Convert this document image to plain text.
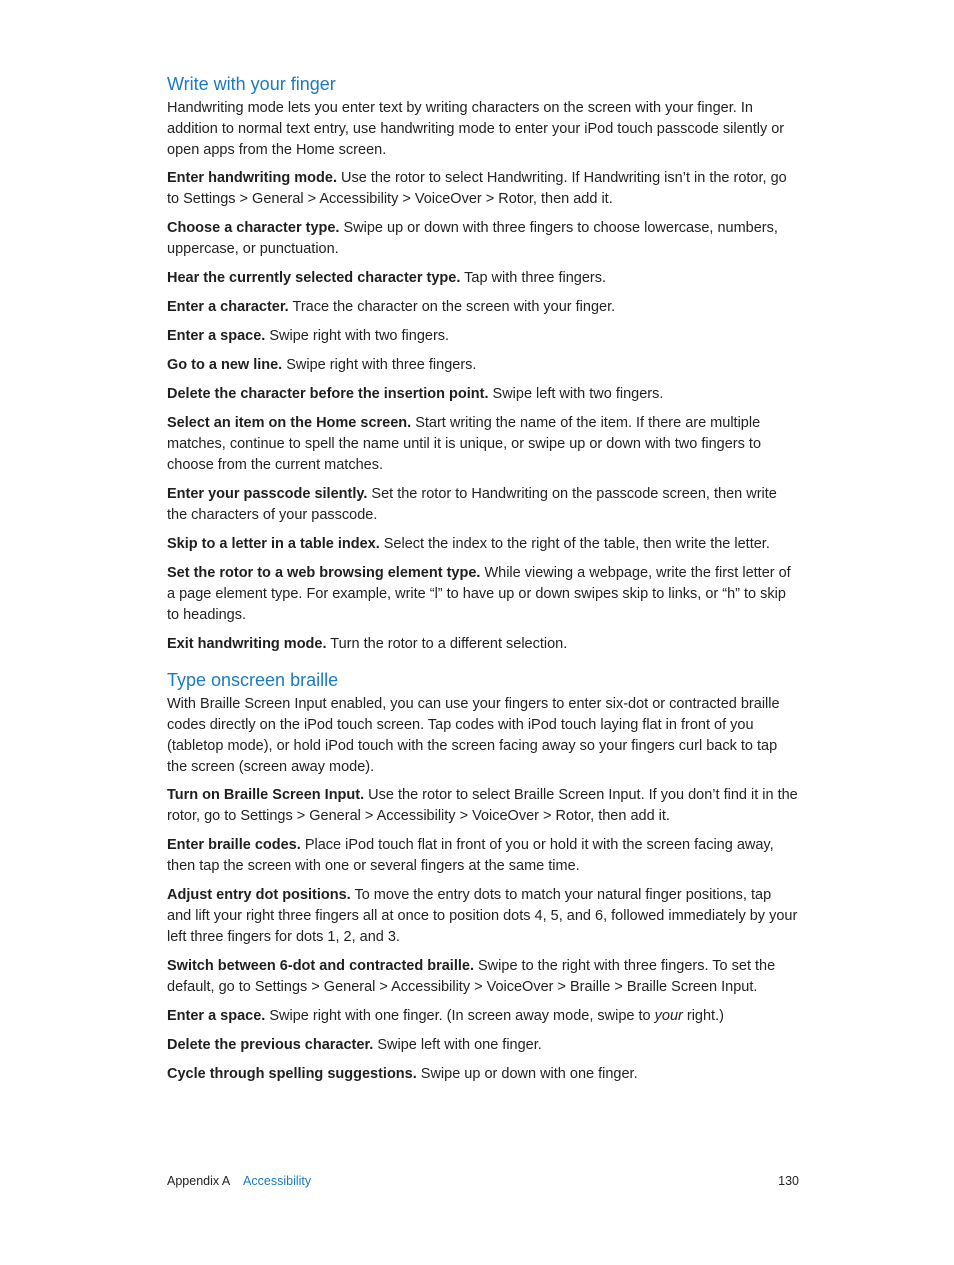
Write with your finger

Handwriting mode lets you enter text by writing characters on the screen with your finger. In addition to normal text entry, use handwriting mode to enter your iPod touch passcode silently or open apps from the Home screen.

Enter handwriting mode. Use the rotor to select Handwriting. If Handwriting isn’t in the rotor, go to Settings > General > Accessibility > VoiceOver > Rotor, then add it.

Choose a character type. Swipe up or down with three fingers to choose lowercase, numbers, uppercase, or punctuation.

Hear the currently selected character type. Tap with three fingers.

Enter a character. Trace the character on the screen with your finger.

Enter a space. Swipe right with two fingers.

Go to a new line. Swipe right with three fingers.

Delete the character before the insertion point. Swipe left with two fingers.

Select an item on the Home screen. Start writing the name of the item. If there are multiple matches, continue to spell the name until it is unique, or swipe up or down with two fingers to choose from the current matches.

Enter your passcode silently. Set the rotor to Handwriting on the passcode screen, then write the characters of your passcode.

Skip to a letter in a table index. Select the index to the right of the table, then write the letter.

Set the rotor to a web browsing element type. While viewing a webpage, write the first letter of a page element type. For example, write “l” to have up or down swipes skip to links, or “h” to skip to headings.

Exit handwriting mode. Turn the rotor to a different selection.

Type onscreen braille

With Braille Screen Input enabled, you can use your fingers to enter six-dot or contracted braille codes directly on the iPod touch screen. Tap codes with iPod touch laying flat in front of you (tabletop mode), or hold iPod touch with the screen facing away so your fingers curl back to tap the screen (screen away mode).

Turn on Braille Screen Input. Use the rotor to select Braille Screen Input. If you don’t find it in the rotor, go to Settings > General > Accessibility > VoiceOver > Rotor, then add it.

Enter braille codes. Place iPod touch flat in front of you or hold it with the screen facing away, then tap the screen with one or several fingers at the same time.

Adjust entry dot positions. To move the entry dots to match your natural finger positions, tap and lift your right three fingers all at once to position dots 4, 5, and 6, followed immediately by your left three fingers for dots 1, 2, and 3.

Switch between 6-dot and contracted braille. Swipe to the right with three fingers. To set the default, go to Settings > General > Accessibility > VoiceOver > Braille > Braille Screen Input.

Enter a space. Swipe right with one finger. (In screen away mode, swipe to your right.)

Delete the previous character. Swipe left with one finger.

Cycle through spelling suggestions. Swipe up or down with one finger.

Appendix A Accessibility	130
